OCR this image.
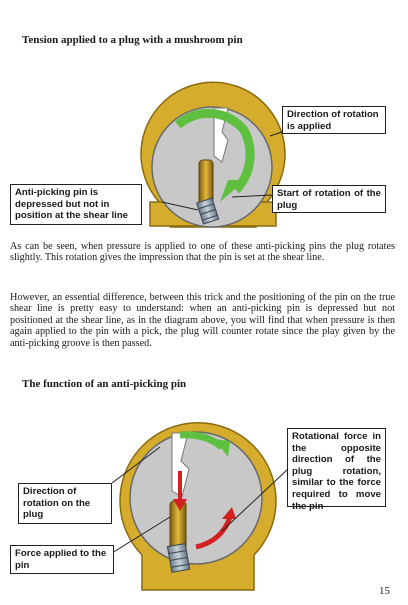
Tension applied to a plug with a mushroom pin
Direction of rotation is applied
Anti-picking pin is depressed but not in position at the shear line
Start of rotation of the plug

As can be seen, when pressure is applied to one of these anti-picking pins the plug rotates slightly. This rotation gives the impression that the pin is set at the shear line.

However, an essential difference, between this trick and the positioning of the pin on the true shear line is pretty easy to understand: when an anti-picking pin is depressed but not positioned at the shear line, as in the diagram above, you will find that when pressure is then again applied to the pin with a pick, the plug will counter rotate since the play given by the anti-picking groove is then passed.

The function of an anti-picking pin
Rotational force in the opposite direction of the plug rotation, similar to the force required to move the pin
Direction of rotation on the plug
Force applied to the pin
15
